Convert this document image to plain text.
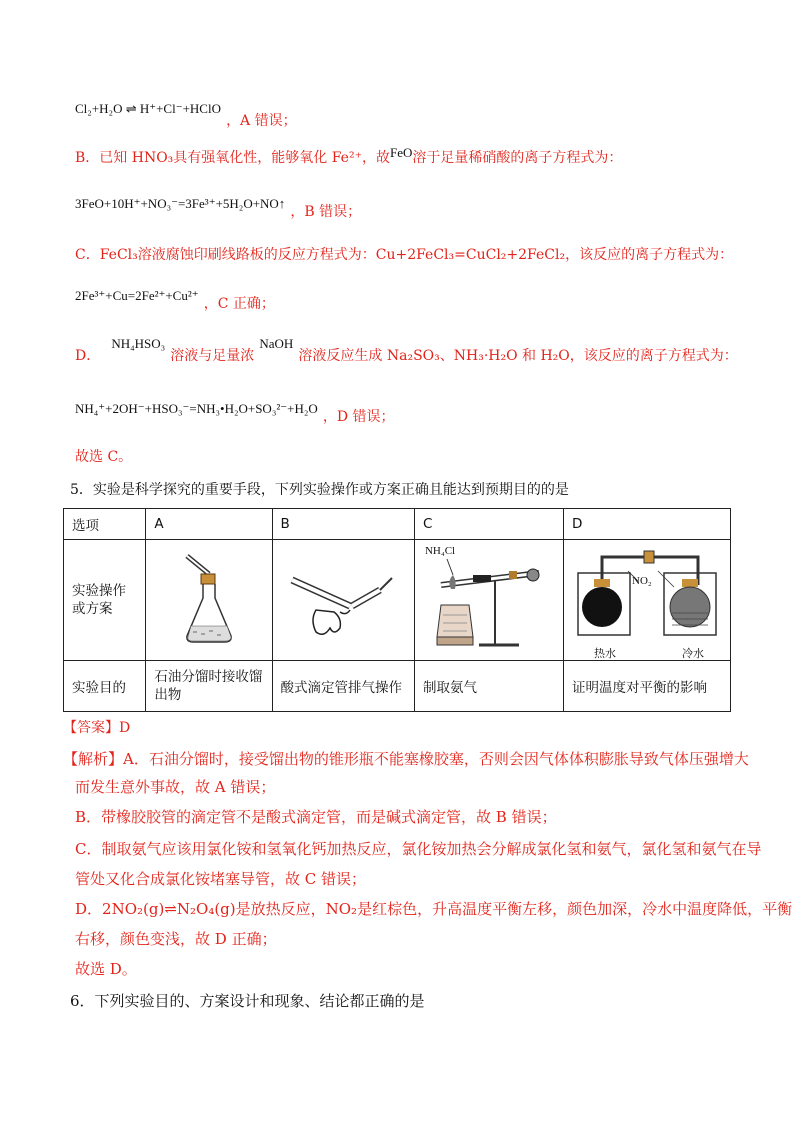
Cl₂+H₂O ⇌ H⁺+Cl⁻+HClO ，A 错误；
B．已知 HNO₃具有强氧化性，能够氧化 Fe²⁺，故FeO溶于足量稀硝酸的离子方程式为：
3FeO+10H⁺+NO₃⁻=3Fe³⁺+5H₂O+NO↑ ，B 错误；
C．FeCl₃溶液腐蚀印刷线路板的反应方程式为：Cu+2FeCl₃=CuCl₂+2FeCl₂，该反应的离子方程式为：
2Fe³⁺+Cu=2Fe²⁺+Cu²⁺ ，C 正确；
D． NH₄HSO₃ 溶液与足量浓 NaOH 溶液反应生成 Na₂SO₃、NH₃·H₂O 和 H₂O，该反应的离子方程式为：
NH₄⁺+2OH⁻+HSO₃⁻=NH₃•H₂O+SO₃²⁻+H₂O ，D 错误；
故选 C。
5．实验是科学探究的重要手段，下列实验操作或方案正确且能达到预期目的的是
选项	A	B	C	D
实验操作或方案			NH₄Cl	NO₂
热水 冷水

实验目的	石油分馏时接收馏出物	酸式滴定管排气操作	制取氨气	证明温度对平衡的影响
【答案】D
【解析】A．石油分馏时，接受馏出物的锥形瓶不能塞橡胶塞，否则会因气体体积膨胀导致气体压强增大
而发生意外事故，故 A 错误；
B．带橡胶胶管的滴定管不是酸式滴定管，而是碱式滴定管，故 B 错误；
C．制取氨气应该用氯化铵和氢氧化钙加热反应，氯化铵加热会分解成氯化氢和氨气，氯化氢和氨气在导
管处又化合成氯化铵堵塞导管，故 C 错误；
D．2NO₂(g)⇌N₂O₄(g)是放热反应，NO₂是红棕色，升高温度平衡左移，颜色加深，冷水中温度降低，平衡
右移，颜色变浅，故 D 正确；
故选 D。
6．下列实验目的、方案设计和现象、结论都正确的是
